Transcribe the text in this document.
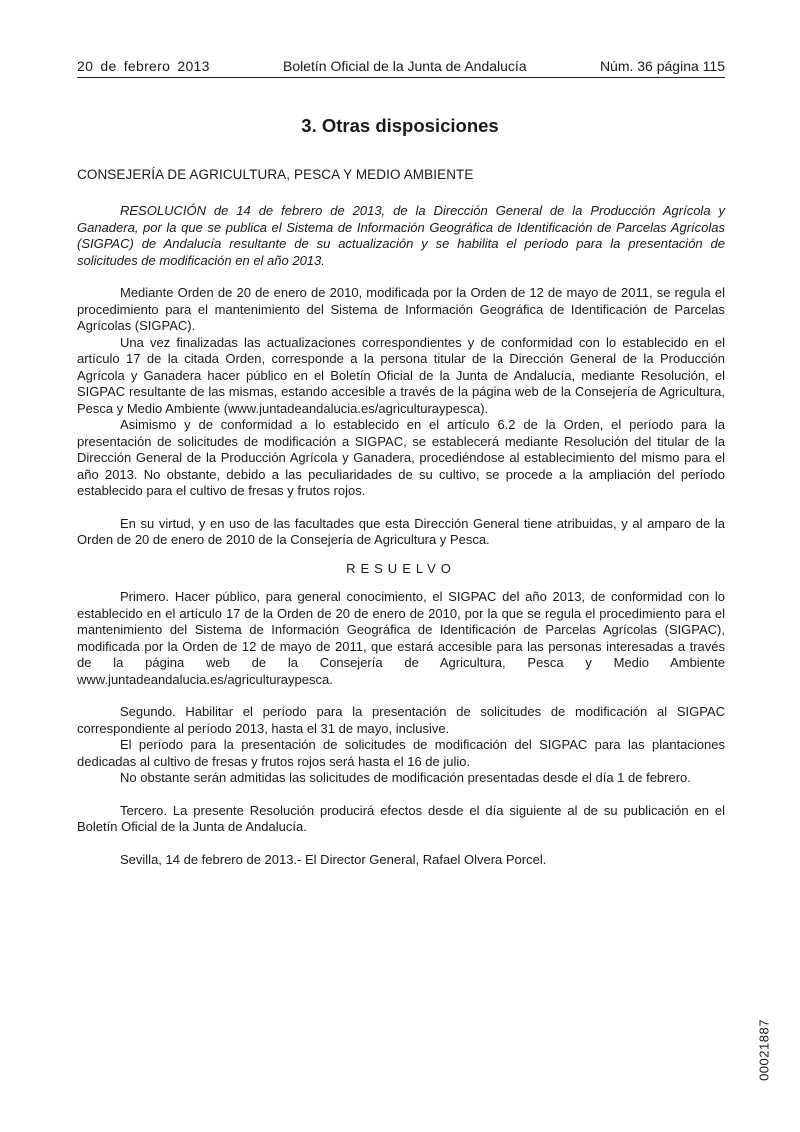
20 de febrero 2013	Boletín Oficial de la Junta de Andalucía	Núm. 36 página 115
3. Otras disposiciones
CONSEJERÍA DE AGRICULTURA, PESCA Y MEDIO AMBIENTE

RESOLUCIÓN de 14 de febrero de 2013, de la Dirección General de la Producción Agrícola y Ganadera, por la que se publica el Sistema de Información Geográfica de Identificación de Parcelas Agrícolas (SIGPAC) de Andalucía resultante de su actualización y se habilita el período para la presentación de solicitudes de modificación en el año 2013.

Mediante Orden de 20 de enero de 2010, modificada por la Orden de 12 de mayo de 2011, se regula el procedimiento para el mantenimiento del Sistema de Información Geográfica de Identificación de Parcelas Agrícolas (SIGPAC).

Una vez finalizadas las actualizaciones correspondientes y de conformidad con lo establecido en el artículo 17 de la citada Orden, corresponde a la persona titular de la Dirección General de la Producción Agrícola y Ganadera hacer público en el Boletín Oficial de la Junta de Andalucía, mediante Resolución, el SIGPAC resultante de las mismas, estando accesible a través de la página web de la Consejería de Agricultura, Pesca y Medio Ambiente (www.juntadeandalucia.es/agriculturaypesca).

Asimismo y de conformidad a lo establecido en el artículo 6.2 de la Orden, el período para la presentación de solicitudes de modificación a SIGPAC, se establecerá mediante Resolución del titular de la Dirección General de la Producción Agrícola y Ganadera, procediéndose al establecimiento del mismo para el año 2013. No obstante, debido a las peculiaridades de su cultivo, se procede a la ampliación del período establecido para el cultivo de fresas y frutos rojos.

En su virtud, y en uso de las facultades que esta Dirección General tiene atribuidas, y al amparo de la Orden de 20 de enero de 2010 de la Consejería de Agricultura y Pesca.

RESUELVO

Primero. Hacer público, para general conocimiento, el SIGPAC del año 2013, de conformidad con lo establecido en el artículo 17 de la Orden de 20 de enero de 2010, por la que se regula el procedimiento para el mantenimiento del Sistema de Información Geográfica de Identificación de Parcelas Agrícolas (SIGPAC), modificada por la Orden de 12 de mayo de 2011, que estará accesible para las personas interesadas a través de la página web de la Consejería de Agricultura, Pesca y Medio Ambiente www.juntadeandalucia.es/agriculturaypesca.

Segundo. Habilitar el período para la presentación de solicitudes de modificación al SIGPAC correspondiente al período 2013, hasta el 31 de mayo, inclusive.

El período para la presentación de solicitudes de modificación del SIGPAC para las plantaciones dedicadas al cultivo de fresas y frutos rojos será hasta el 16 de julio.

No obstante serán admitidas las solicitudes de modificación presentadas desde el día 1 de febrero.

Tercero. La presente Resolución producirá efectos desde el día siguiente al de su publicación en el Boletín Oficial de la Junta de Andalucía.

Sevilla, 14 de febrero de 2013.- El Director General, Rafael Olvera Porcel.

00021887
